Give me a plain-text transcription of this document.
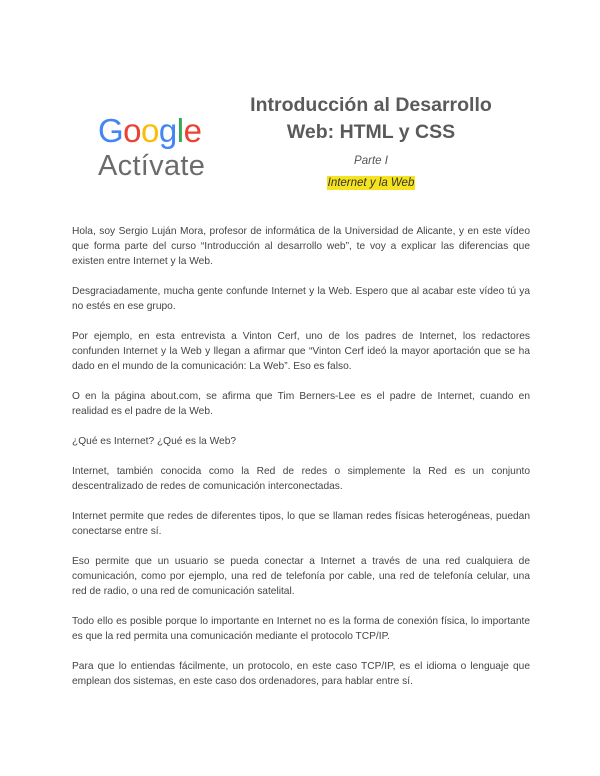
Google
Actívate
Introducción al Desarrollo
Web: HTML y CSS
Parte I
Internet y la Web

Hola, soy Sergio Luján Mora, profesor de informática de la Universidad de Alicante, y en este vídeo que forma parte del curso “Introducción al desarrollo web”, te voy a explicar las diferencias que existen entre Internet y la Web.

Desgraciadamente, mucha gente confunde Internet y la Web. Espero que al acabar este vídeo tú ya no estés en ese grupo.

Por ejemplo, en esta entrevista a Vinton Cerf, uno de los padres de Internet, los redactores confunden Internet y la Web y llegan a afirmar que “Vinton Cerf ideó la mayor aportación que se ha dado en el mundo de la comunicación: La Web”. Eso es falso.

O en la página about.com, se afirma que Tim Berners-Lee es el padre de Internet, cuando en realidad es el padre de la Web.

¿Qué es Internet? ¿Qué es la Web?

Internet, también conocida como la Red de redes o simplemente la Red es un conjunto descentralizado de redes de comunicación interconectadas.

Internet permite que redes de diferentes tipos, lo que se llaman redes físicas heterogéneas, puedan conectarse entre sí.

Eso permite que un usuario se pueda conectar a Internet a través de una red cualquiera de comunicación, como por ejemplo, una red de telefonía por cable, una red de telefonía celular, una red de radio, o una red de comunicación satelital.

Todo ello es posible porque lo importante en Internet no es la forma de conexión física, lo importante es que la red permita una comunicación mediante el protocolo TCP/IP.

Para que lo entiendas fácilmente, un protocolo, en este caso TCP/IP, es el idioma o lenguaje que emplean dos sistemas, en este caso dos ordenadores, para hablar entre sí.
